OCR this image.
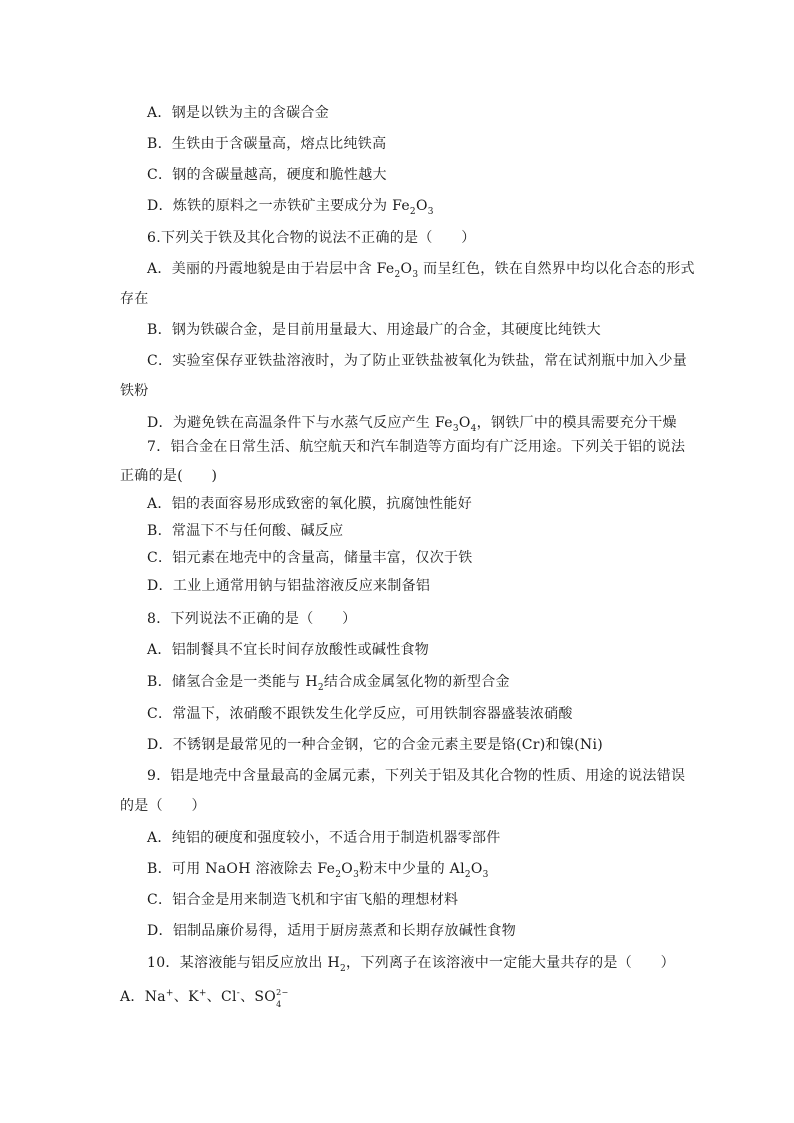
A．钢是以铁为主的含碳合金
B．生铁由于含碳量高，熔点比纯铁高
C．钢的含碳量越高，硬度和脆性越大
D．炼铁的原料之一赤铁矿主要成分为 $Fe_2O_3$
6.下列关于铁及其化合物的说法不正确的是（　　）
A．美丽的丹霞地貌是由于岩层中含 $Fe_2O_3$ 而呈红色，铁在自然界中均以化合态的形式
存在
B．钢为铁碳合金，是目前用量最大、用途最广的合金，其硬度比纯铁大
C．实验室保存亚铁盐溶液时，为了防止亚铁盐被氧化为铁盐，常在试剂瓶中加入少量
铁粉
D．为避免铁在高温条件下与水蒸气反应产生 $Fe_3O_4$，钢铁厂中的模具需要充分干燥
7．铝合金在日常生活、航空航天和汽车制造等方面均有广泛用途。下列关于铝的说法
正确的是(　　)
A．铝的表面容易形成致密的氧化膜，抗腐蚀性能好
B．常温下不与任何酸、碱反应
C．铝元素在地壳中的含量高，储量丰富，仅次于铁
D．工业上通常用钠与铝盐溶液反应来制备铝
8．下列说法不正确的是（　　）
A．铝制餐具不宜长时间存放酸性或碱性食物
B．储氢合金是一类能与 $H_2$结合成金属氢化物的新型合金
C．常温下，浓硝酸不跟铁发生化学反应，可用铁制容器盛装浓硝酸
D．不锈钢是最常见的一种合金钢，它的合金元素主要是铬(Cr)和镍(Ni)
9．铝是地壳中含量最高的金属元素，下列关于铝及其化合物的性质、用途的说法错误
的是（　　）
A．纯铝的硬度和强度较小，不适合用于制造机器零部件
B．可用 NaOH 溶液除去 $Fe_2O_3$粉末中少量的 $Al_2O_3$
C．铝合金是用来制造飞机和宇宙飞船的理想材料
D．铝制品廉价易得，适用于厨房蒸煮和长期存放碱性食物
10．某溶液能与铝反应放出 $H_2$，下列离子在该溶液中一定能大量共存的是（　　）
A．Na+、K+、Cl-、SO 2−
4
